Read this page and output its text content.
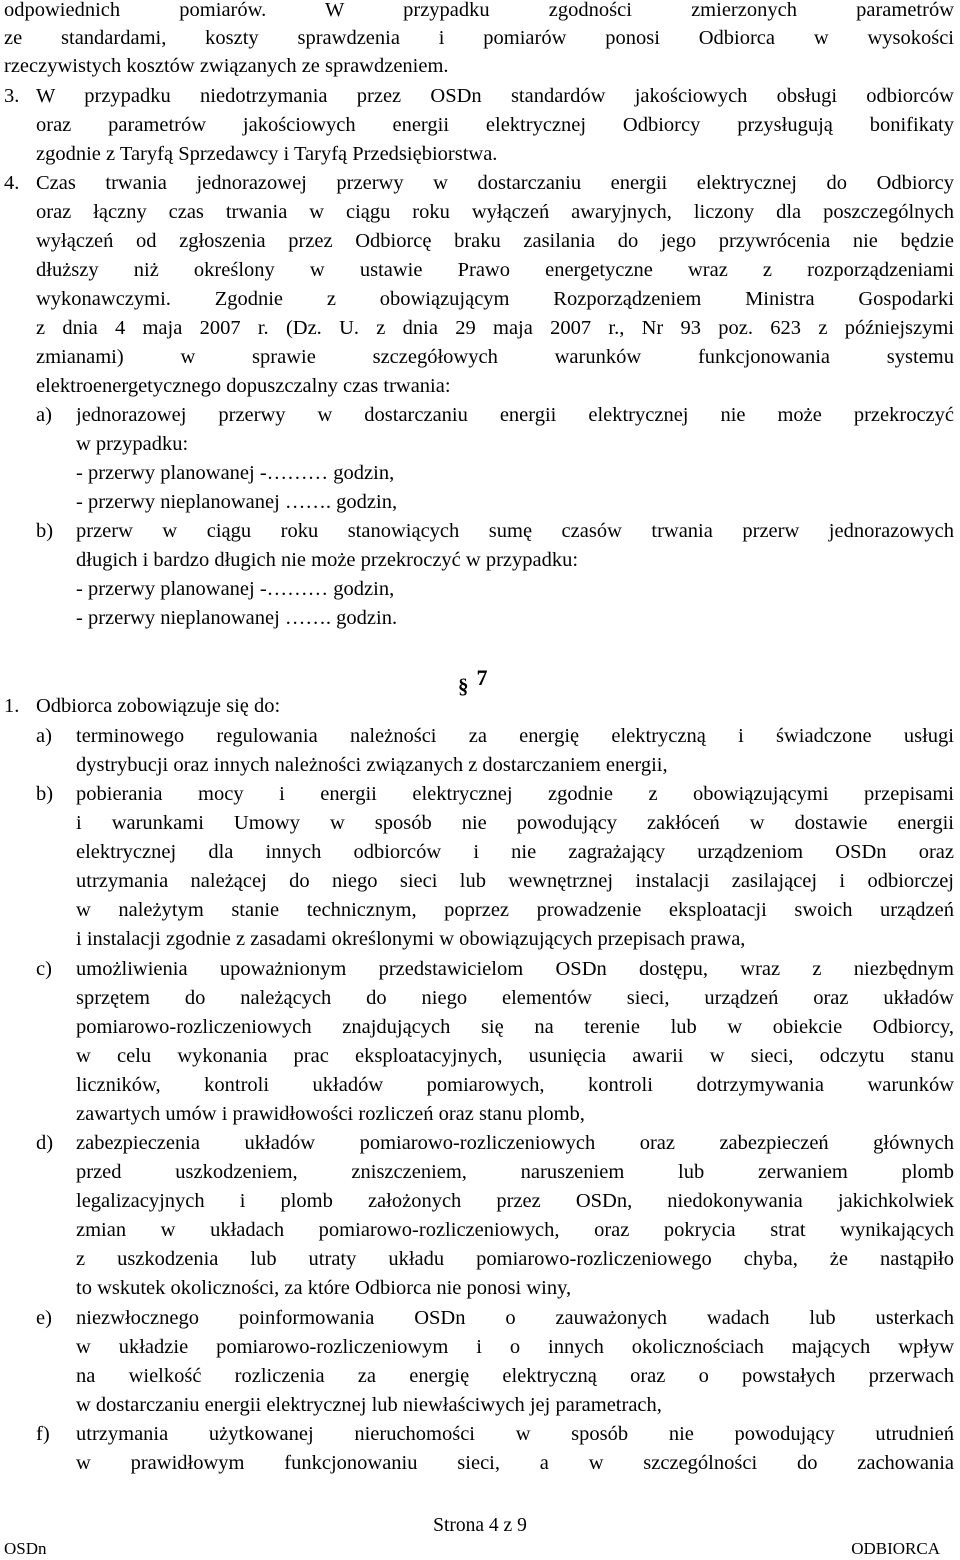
odpowiednich pomiarów. W przypadku zgodności zmierzonych parametrów
ze standardami, koszty sprawdzenia i pomiarów ponosi Odbiorca w wysokości
rzeczywistych kosztów związanych ze sprawdzeniem.
W przypadku niedotrzymania przez OSDn standardów jakościowych obsługi odbiorców
oraz parametrów jakościowych energii elektrycznej Odbiorcy przysługują bonifikaty
zgodnie z Taryfą Sprzedawcy i Taryfą Przedsiębiorstwa.
Czas trwania jednorazowej przerwy w dostarczaniu energii elektrycznej do Odbiorcy
oraz łączny czas trwania w ciągu roku wyłączeń awaryjnych, liczony dla poszczególnych
wyłączeń od zgłoszenia przez Odbiorcę braku zasilania do jego przywrócenia nie będzie
dłuższy niż określony w ustawie Prawo energetyczne wraz z rozporządzeniami
wykonawczymi. Zgodnie z obowiązującym Rozporządzeniem Ministra Gospodarki
z dnia 4 maja 2007 r. (Dz. U. z dnia 29 maja 2007 r., Nr 93 poz. 623 z późniejszymi
zmianami) w sprawie szczegółowych warunków funkcjonowania systemu
elektroenergetycznego dopuszczalny czas trwania:
jednorazowej przerwy w dostarczaniu energii elektrycznej nie może przekroczyć
w przypadku:
- przerwy planowanej -……… godzin,
- przerwy nieplanowanej ……. godzin,
przerw w ciągu roku stanowiących sumę czasów trwania przerw jednorazowych
długich i bardzo długich nie może przekroczyć w przypadku:
- przerwy planowanej -……… godzin,
- przerwy nieplanowanej ……. godzin.
Odbiorca zobowiązuje się do:
terminowego regulowania należności za energię elektryczną i świadczone usługi
dystrybucji oraz innych należności związanych z dostarczaniem energii,
pobierania mocy i energii elektrycznej zgodnie z obowiązującymi przepisami
i warunkami Umowy w sposób nie powodujący zakłóceń w dostawie energii
elektrycznej dla innych odbiorców i nie zagrażający urządzeniom OSDn oraz
utrzymania należącej do niego sieci lub wewnętrznej instalacji zasilającej i odbiorczej
w należytym stanie technicznym, poprzez prowadzenie eksploatacji swoich urządzeń
i instalacji zgodnie z zasadami określonymi w obowiązujących przepisach prawa,
umożliwienia upoważnionym przedstawicielom OSDn dostępu, wraz z niezbędnym
sprzętem do należących do niego elementów sieci, urządzeń oraz układów
pomiarowo-rozliczeniowych znajdujących się na terenie lub w obiekcie Odbiorcy,
w celu wykonania prac eksploatacyjnych, usunięcia awarii w sieci, odczytu stanu
liczników, kontroli układów pomiarowych, kontroli dotrzymywania warunków
zawartych umów i prawidłowości rozliczeń oraz stanu plomb,
zabezpieczenia układów pomiarowo-rozliczeniowych oraz zabezpieczeń głównych
przed uszkodzeniem, zniszczeniem, naruszeniem lub zerwaniem plomb
legalizacyjnych i plomb założonych przez OSDn, niedokonywania jakichkolwiek
zmian w układach pomiarowo-rozliczeniowych, oraz pokrycia strat wynikających
z uszkodzenia lub utraty układu pomiarowo-rozliczeniowego chyba, że nastąpiło
to wskutek okoliczności, za które Odbiorca nie ponosi winy,
niezwłocznego poinformowania OSDn o zauważonych wadach lub usterkach
w układzie pomiarowo-rozliczeniowym i o innych okolicznościach mających wpływ
na wielkość rozliczenia za energię elektryczną oraz o powstałych przerwach
w dostarczaniu energii elektrycznej lub niewłaściwych jej parametrach,
utrzymania użytkowanej nieruchomości w sposób nie powodujący utrudnień
w prawidłowym funkcjonowaniu sieci, a w szczególności do zachowania
3.
4.
a)
b)
1.
a)
b)
c)
d)
e)
f)
§ 7
Strona 4 z 9
OSDn	ODBIORCA
